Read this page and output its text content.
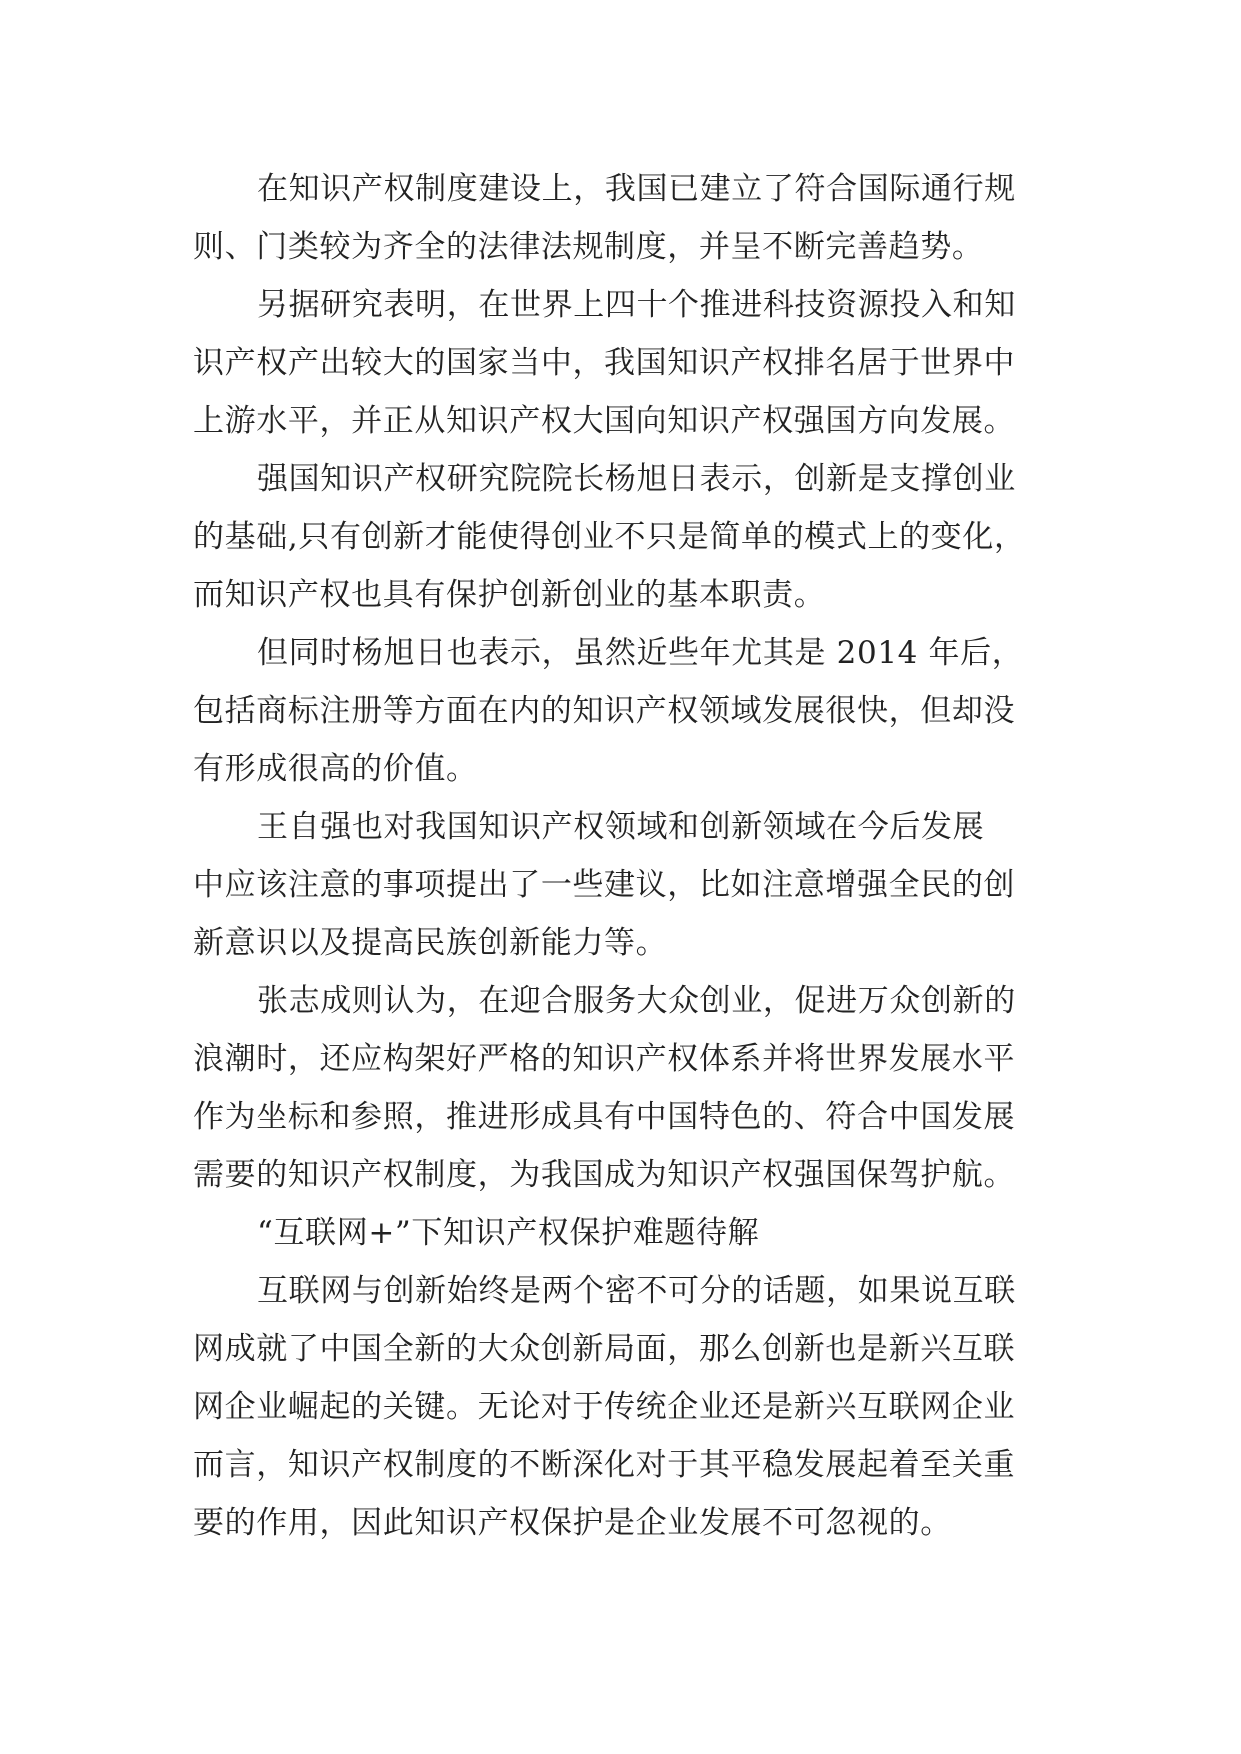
在知识产权制度建设上，我国已建立了符合国际通行规
则、门类较为齐全的法律法规制度，并呈不断完善趋势。
另据研究表明，在世界上四十个推进科技资源投入和知
识产权产出较大的国家当中，我国知识产权排名居于世界中
上游水平，并正从知识产权大国向知识产权强国方向发展。
强国知识产权研究院院长杨旭日表示，创新是支撑创业
的基础,只有创新才能使得创业不只是简单的模式上的变化，
而知识产权也具有保护创新创业的基本职责。
但同时杨旭日也表示，虽然近些年尤其是 2014 年后，
包括商标注册等方面在内的知识产权领域发展很快，但却没
有形成很高的价值。
王自强也对我国知识产权领域和创新领域在今后发展
中应该注意的事项提出了一些建议，比如注意增强全民的创
新意识以及提高民族创新能力等。
张志成则认为，在迎合服务大众创业，促进万众创新的
浪潮时，还应构架好严格的知识产权体系并将世界发展水平
作为坐标和参照，推进形成具有中国特色的、符合中国发展
需要的知识产权制度，为我国成为知识产权强国保驾护航。
“互联网+”下知识产权保护难题待解
互联网与创新始终是两个密不可分的话题，如果说互联
网成就了中国全新的大众创新局面，那么创新也是新兴互联
网企业崛起的关键。无论对于传统企业还是新兴互联网企业
而言，知识产权制度的不断深化对于其平稳发展起着至关重
要的作用，因此知识产权保护是企业发展不可忽视的。
